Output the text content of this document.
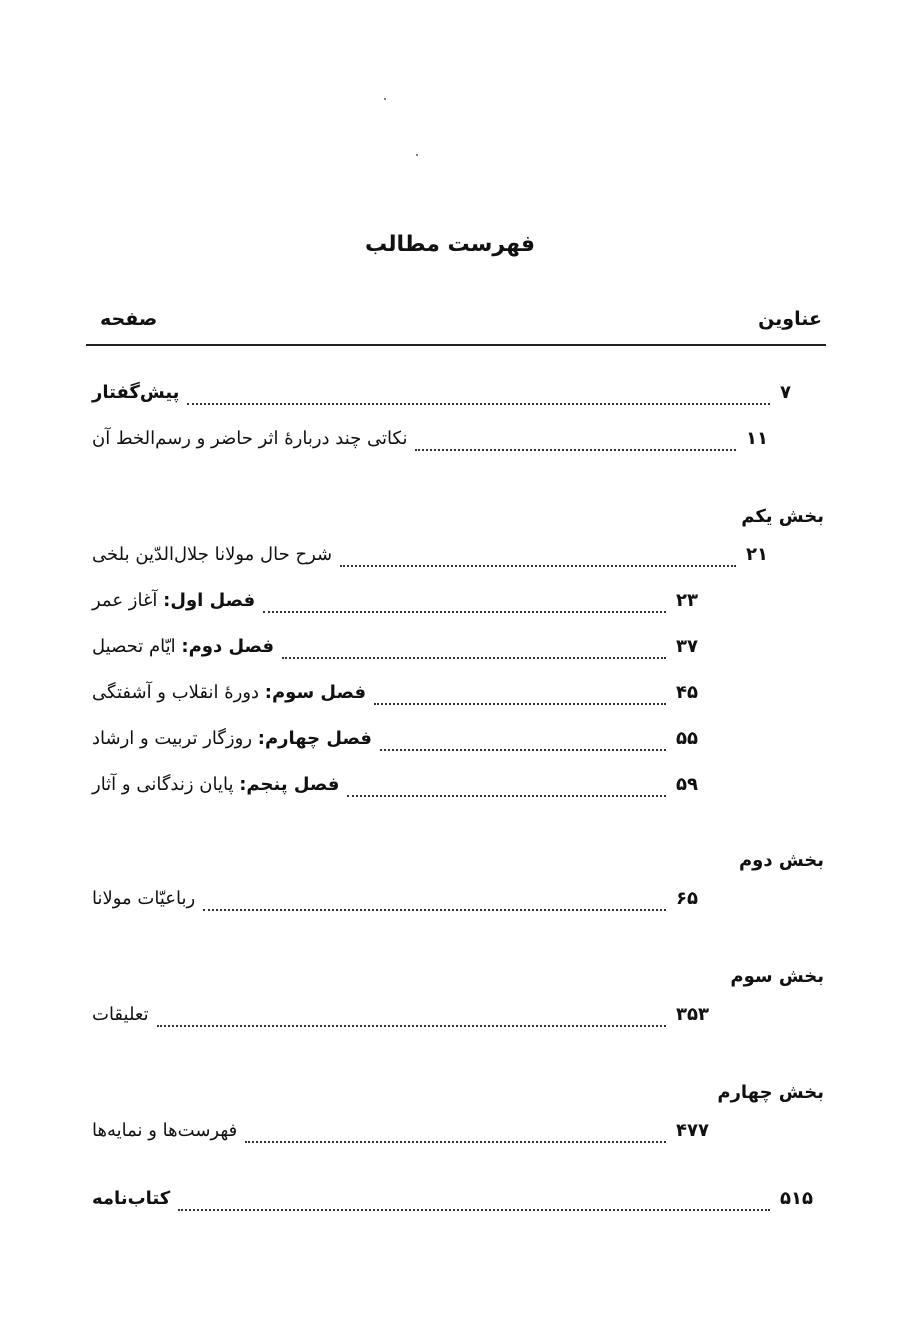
فهرست مطالب
عناوین
صفحه
پیش‌گفتار	۷
نکاتی چند دربارهٔ اثر حاضر و رسم‌الخط آن	۱۱
بخش یکم
شرح حال مولانا جلال‌الدّین بلخی	۲۱
فصل اول: آغاز عمر	۲۳
فصل دوم: ایّام تحصیل	۳۷
فصل سوم: دورهٔ انقلاب و آشفتگی	۴۵
فصل چهارم: روزگار تربیت و ارشاد	۵۵
فصل پنجم: پایان زندگانی و آثار	۵۹
بخش دوم
رباعیّات مولانا	۶۵
بخش سوم
تعلیقات	۳۵۳
بخش چهارم
فهرست‌ها و نمایه‌ها	۴۷۷
کتاب‌نامه	۵۱۵
